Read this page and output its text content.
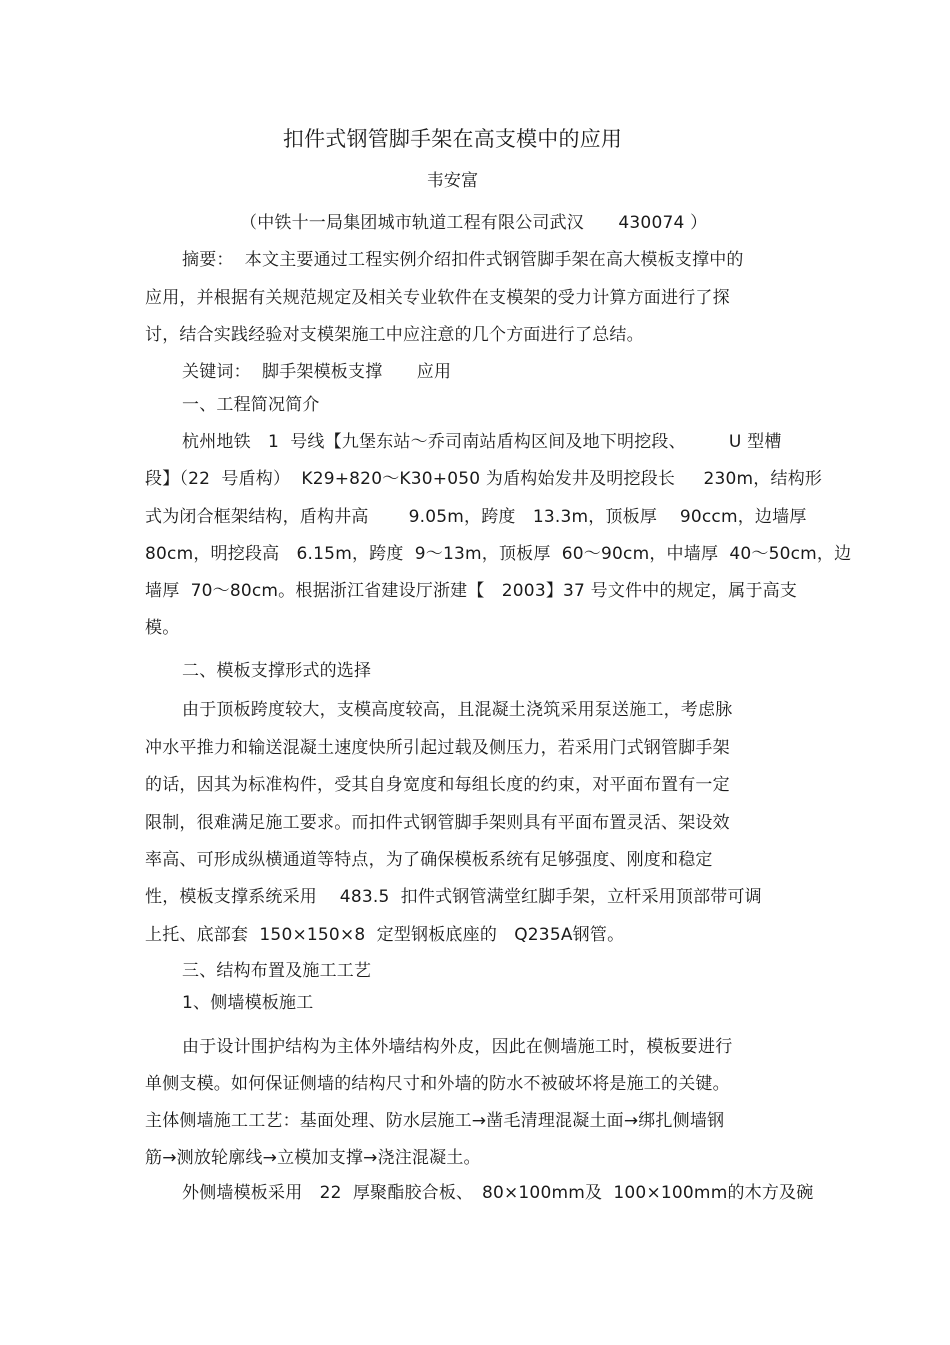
扣件式钢管脚手架在高支模中的应用
韦安富
（中铁十一局集团城市轨道工程有限公司武汉　　430074 ）
摘要：  本文主要通过工程实例介绍扣件式钢管脚手架在高大模板支撑中的
应用，并根据有关规范规定及相关专业软件在支模架的受力计算方面进行了探
讨，结合实践经验对支模架施工中应注意的几个方面进行了总结。
关键词：  脚手架模板支撑　　应用
一、工程简况简介
杭州地铁　1  号线【九堡东站～乔司南站盾构区间及地下明挖段、　　　U 型槽
段】（22  号盾构）  K29+820～K30+050 为盾构始发井及明挖段长　  230m，结构形
式为闭合框架结构，盾构井高　　 9.05m，跨度　13.3m，顶板厚　 90ccm，边墙厚
80cm，明挖段高　6.15m，跨度  9～13m，顶板厚  60～90cm，中墙厚  40～50cm，边
墙厚  70～80cm。根据浙江省建设厅浙建【　2003】37 号文件中的规定，属于高支
模。
二、模板支撑形式的选择
由于顶板跨度较大，支模高度较高，且混凝土浇筑采用泵送施工，考虑脉
冲水平推力和输送混凝土速度快所引起过载及侧压力，若采用门式钢管脚手架
的话，因其为标准构件，受其自身宽度和每组长度的约束，对平面布置有一定
限制，很难满足施工要求。而扣件式钢管脚手架则具有平面布置灵活、架设效
率高、可形成纵横通道等特点，为了确保模板系统有足够强度、刚度和稳定
性，模板支撑系统采用　 483.5  扣件式钢管满堂红脚手架，立杆采用顶部带可调
上托、底部套  150×150×8  定型钢板底座的　Q235A钢管。
三、结构布置及施工工艺
1、侧墙模板施工
由于设计围护结构为主体外墙结构外皮，因此在侧墙施工时，模板要进行
单侧支模。如何保证侧墙的结构尺寸和外墙的防水不被破坏将是施工的关键。
主体侧墙施工工艺：基面处理、防水层施工→凿毛清理混凝土面→绑扎侧墙钢
筋→测放轮廓线→立模加支撑→浇注混凝土。
外侧墙模板采用　22  厚聚酯胶合板、　80×100mm及  100×100mm的木方及碗
